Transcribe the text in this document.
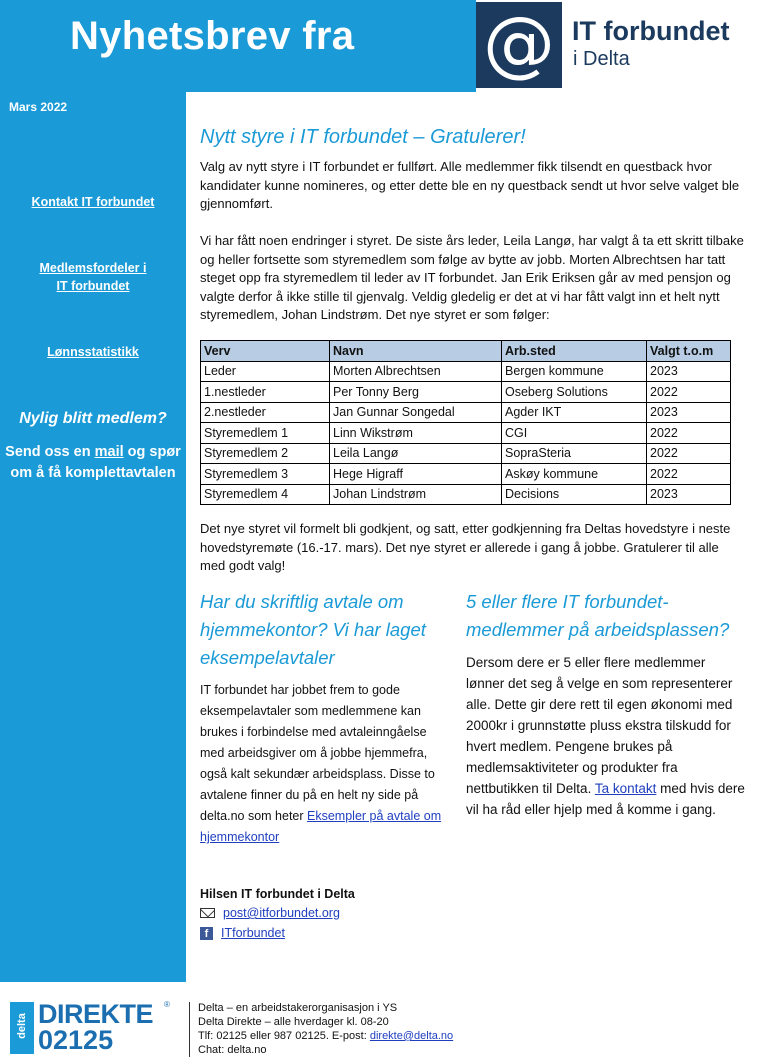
Nyhetsbrev fra @ IT forbundet
i Delta
Mars 2022
Kontakt IT forbundet
Medlemsfordeler i
IT forbundet
Lønnsstatistikk
Nylig blitt medlem?
Send oss en mail og spør om å få komplettavtalen
Nytt styre i IT forbundet – Gratulerer!
Valg av nytt styre i IT forbundet er fullført. Alle medlemmer fikk tilsendt en questback hvor kandidater kunne nomineres, og etter dette ble en ny questback sendt ut hvor selve valget ble gjennomført.
Vi har fått noen endringer i styret. De siste års leder, Leila Langø, har valgt å ta ett skritt tilbake og heller fortsette som styremedlem som følge av bytte av jobb. Morten Albrechtsen har tatt steget opp fra styremedlem til leder av IT forbundet. Jan Erik Eriksen går av med pensjon og valgte derfor å ikke stille til gjenvalg. Veldig gledelig er det at vi har fått valgt inn et helt nytt styremedlem, Johan Lindstrøm. Det nye styret er som følger:
Verv	Navn	Arb.sted	Valgt t.o.m
Leder	Morten Albrechtsen	Bergen kommune	2023
1.nestleder	Per Tonny Berg	Oseberg Solutions	2022
2.nestleder	Jan Gunnar Songedal	Agder IKT	2023
Styremedlem 1	Linn Wikstrøm	CGI	2022
Styremedlem 2	Leila Langø	SopraSteria	2022
Styremedlem 3	Hege Higraff	Askøy kommune	2022
Styremedlem 4	Johan Lindstrøm	Decisions	2023
Det nye styret vil formelt bli godkjent, og satt, etter godkjenning fra Deltas hovedstyre i neste hovedstyremøte (16.-17. mars). Det nye styret er allerede i gang å jobbe. Gratulerer til alle med godt valg!
Har du skriftlig avtale om hjemmekontor? Vi har laget eksempelavtaler
IT forbundet har jobbet frem to gode eksempelavtaler som medlemmene kan brukes i forbindelse med avtaleinngåelse med arbeidsgiver om å jobbe hjemmefra, også kalt sekundær arbeidsplass. Disse to avtalene finner du på en helt ny side på delta.no som heter Eksempler på avtale om hjemmekontor
5 eller flere IT forbundet-medlemmer på arbeidsplassen?
Dersom dere er 5 eller flere medlemmer lønner det seg å velge en som representerer alle. Dette gir dere rett til egen økonomi med 2000kr i grunnstøtte pluss ekstra tilskudd for hvert medlem. Pengene brukes på medlemsaktiviteter og produkter fra nettbutikken til Delta. Ta kontakt med hvis dere vil ha råd eller hjelp med å komme i gang.
Hilsen IT forbundet i Delta
post@itforbundet.org
f	ITforbundet
delta DIREKTE ®
02125
Delta – en arbeidstakerorganisasjon i YS
Delta Direkte – alle hverdager kl. 08-20
Tlf: 02125 eller 987 02125. E-post: direkte@delta.no
Chat: delta.no
